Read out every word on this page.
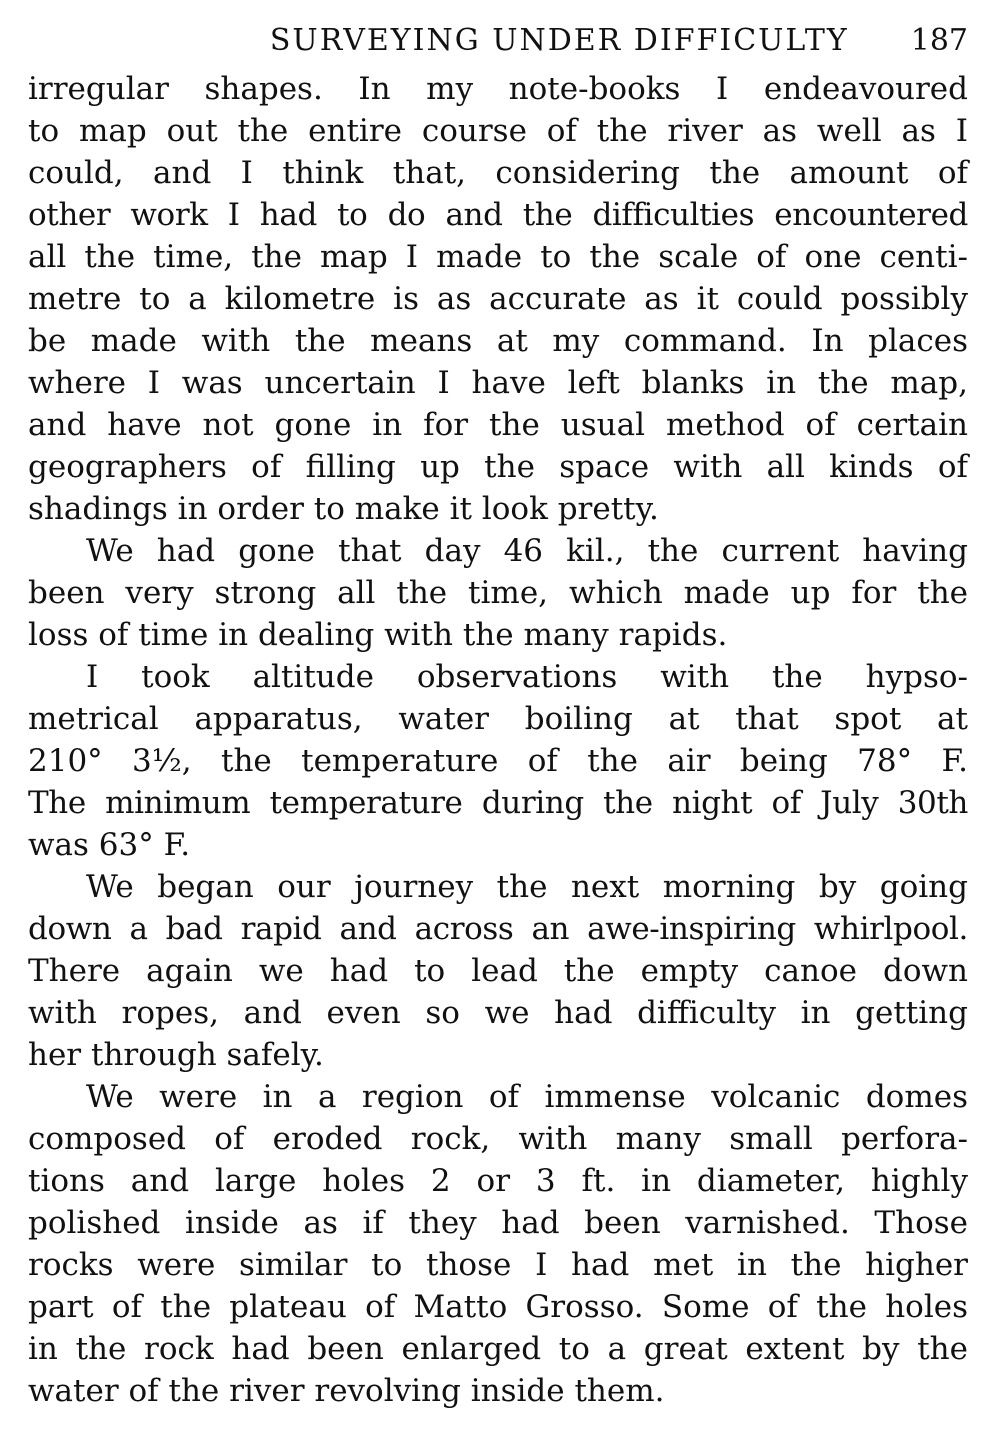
SURVEYING UNDER DIFFICULTY 187
irregular shapes. In my note-books I endeavoured
to map out the entire course of the river as well as I
could, and I think that, considering the amount of
other work I had to do and the difficulties encountered
all the time, the map I made to the scale of one centi-
metre to a kilometre is as accurate as it could possibly
be made with the means at my command. In places
where I was uncertain I have left blanks in the map,
and have not gone in for the usual method of certain
geographers of filling up the space with all kinds of
shadings in order to make it look pretty.
We had gone that day 46 kil., the current having
been very strong all the time, which made up for the
loss of time in dealing with the many rapids.
I took altitude observations with the hypso-
metrical apparatus, water boiling at that spot at
210° 3½, the temperature of the air being 78° F.
The minimum temperature during the night of July 30th
was 63° F.
We began our journey the next morning by going
down a bad rapid and across an awe-inspiring whirlpool.
There again we had to lead the empty canoe down
with ropes, and even so we had difficulty in getting
her through safely.
We were in a region of immense volcanic domes
composed of eroded rock, with many small perfora-
tions and large holes 2 or 3 ft. in diameter, highly
polished inside as if they had been varnished. Those
rocks were similar to those I had met in the higher
part of the plateau of Matto Grosso. Some of the holes
in the rock had been enlarged to a great extent by the
water of the river revolving inside them.
